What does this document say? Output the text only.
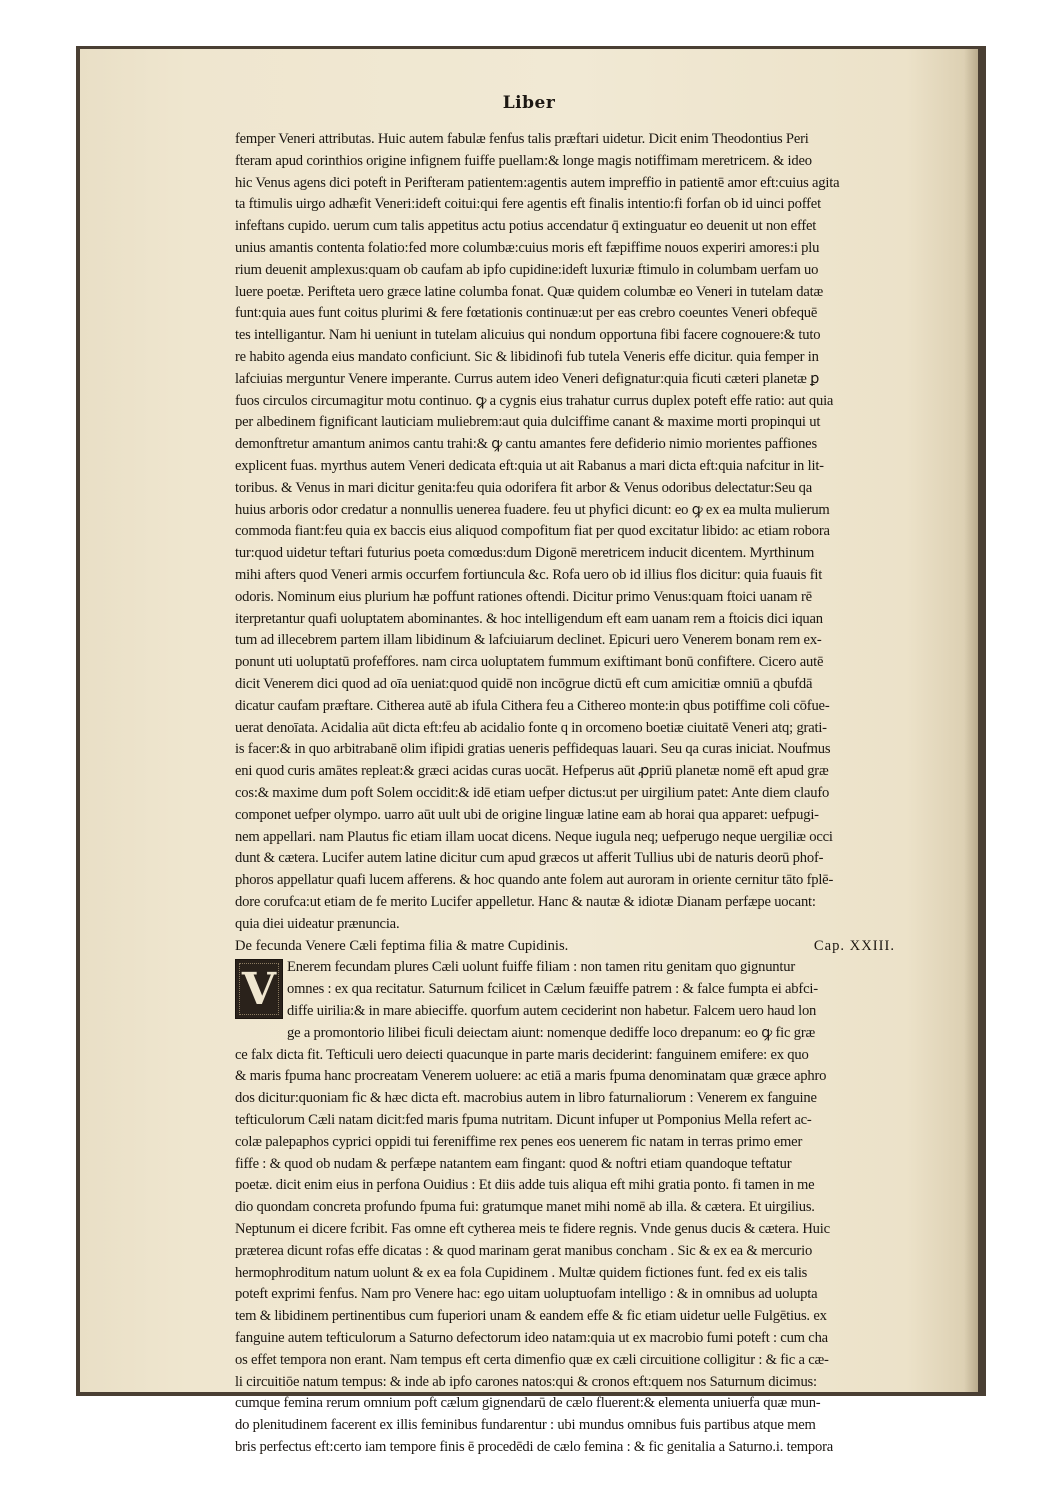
Liber
femper Veneri attributas. Huic autem fabulæ fenfus talis præftari uidetur. Dicit enim Theodontius Peri
fteram apud corinthios origine infignem fuiffe puellam:& longe magis notiffimam meretricem. & ideo
hic Venus agens dici poteft in Perifteram patientem:agentis autem impreffio in patientē amor eft:cuius agita
ta ftimulis uirgo adhæfit Veneri:ideft coitui:qui fere agentis eft finalis intentio:fi forfan ob id uinci poffet
infeftans cupido. uerum cum talis appetitus actu potius accendatur q̄ extinguatur eo deuenit ut non effet
unius amantis contenta folatio:fed more columbæ:cuius moris eft fæpiffime nouos experiri amores:i plu
rium deuenit amplexus:quam ob caufam ab ipfo cupidine:ideft luxuriæ ftimulo in columbam uerfam uo
luere poetæ. Perifteta uero græce latine columba fonat. Quæ quidem columbæ eo Veneri in tutelam datæ
funt:quia aues funt coitus plurimi & fere fœtationis continuæ:ut per eas crebro coeuntes Veneri obfequē
tes intelligantur. Nam hi ueniunt in tutelam alicuius qui nondum opportuna fibi facere cognouere:& tuto
re habito agenda eius mandato conficiunt. Sic & libidinofi fub tutela Veneris effe dicitur. quia femper in
lafciuias merguntur Venere imperante. Currus autem ideo Veneri defignatur:quia ficuti cæteri planetæ ꝑ
fuos circulos circumagitur motu continuo. ꝙ a cygnis eius trahatur currus duplex poteft effe ratio: aut quia
per albedinem fignificant lauticiam muliebrem:aut quia dulciffime canant & maxime morti propinqui ut
demonftretur amantum animos cantu trahi:& ꝙ cantu amantes fere defiderio nimio morientes paffiones
explicent fuas. myrthus autem Veneri dedicata eft:quia ut ait Rabanus a mari dicta eft:quia nafcitur in lit-
toribus. & Venus in mari dicitur genita:feu quia odorifera fit arbor & Venus odoribus delectatur:Seu qa
huius arboris odor credatur a nonnullis uenerea fuadere. feu ut phyfici dicunt: eo ꝙ ex ea multa mulierum
commoda fiant:feu quia ex baccis eius aliquod compofitum fiat per quod excitatur libido: ac etiam robora
tur:quod uidetur teftari futurius poeta comœdus:dum Digonē meretricem inducit dicentem. Myrthinum
mihi afters quod Veneri armis occurfem fortiuncula &c. Rofa uero ob id illius flos dicitur: quia fuauis fit
odoris. Nominum eius plurium hæ poffunt rationes oftendi. Dicitur primo Venus:quam ftoici uanam rē
iterpretantur quafi uoluptatem abominantes. & hoc intelligendum eft eam uanam rem a ftoicis dici iquan
tum ad illecebrem partem illam libidinum & lafciuiarum declinet. Epicuri uero Venerem bonam rem ex-
ponunt uti uoluptatū profeffores. nam circa uoluptatem fummum exiftimant bonū confiftere. Cicero autē
dicit Venerem dici quod ad oīa ueniat:quod quidē non incōgrue dictū eft cum amicitiæ omniū a qbufdā
dicatur caufam præftare. Citherea autē ab ifula Cithera feu a Cithereo monte:in qbus potiffime coli cōfue-
uerat denoīata. Acidalia aūt dicta eft:feu ab acidalio fonte q in orcomeno boetiæ ciuitatē Veneri atq; grati-
is facer:& in quo arbitrabanē olim ifipidi gratias ueneris peffidequas lauari. Seu qa curas iniciat. Noufmus
eni quod curis amātes repleat:& græci acidas curas uocāt. Hefperus aūt ꝓpriū planetæ nomē eft apud græ
cos:& maxime dum poft Solem occidit:& idē etiam uefper dictus:ut per uirgilium patet: Ante diem claufo
componet uefper olympo. uarro aūt uult ubi de origine linguæ latine eam ab horai qua apparet: uefpugi-
nem appellari. nam Plautus fic etiam illam uocat dicens. Neque iugula neq; uefperugo neque uergiliæ occi
dunt & cætera. Lucifer autem latine dicitur cum apud græcos ut afferit Tullius ubi de naturis deorū phof-
phoros appellatur quafi lucem afferens. & hoc quando ante folem aut auroram in oriente cernitur tāto fplē-
dore corufca:ut etiam de fe merito Lucifer appelletur. Hanc & nautæ & idiotæ Dianam perfæpe uocant:
quia diei uideatur prænuncia.
De fecunda Venere Cæli feptima filia & matre Cupidinis.	Cap. XXIII.
V Enerem fecundam plures Cæli uolunt fuiffe filiam : non tamen ritu genitam quo gignuntur
omnes : ex qua recitatur. Saturnum fcilicet in Cælum fæuiffe patrem : & falce fumpta ei abfci-
diffe uirilia:& in mare abieciffe. quorfum autem ceciderint non habetur. Falcem uero haud lon
ge a promontorio lilibei ficuli deiectam aiunt: nomenque dediffe loco drepanum: eo ꝙ fic græ
ce falx dicta fit. Tefticuli uero deiecti quacunque in parte maris deciderint: fanguinem emifere: ex quo
& maris fpuma hanc procreatam Venerem uoluere: ac etiā a maris fpuma denominatam quæ græce aphro
dos dicitur:quoniam fic & hæc dicta eft. macrobius autem in libro faturnaliorum : Venerem ex fanguine
tefticulorum Cæli natam dicit:fed maris fpuma nutritam. Dicunt infuper ut Pomponius Mella refert ac-
colæ palepaphos cyprici oppidi tui fereniffime rex penes eos uenerem fic natam in terras primo emer
fiffe : & quod ob nudam & perfæpe natantem eam fingant: quod & noftri etiam quandoque teftatur
poetæ. dicit enim eius in perfona Ouidius : Et diis adde tuis aliqua eft mihi gratia ponto. fi tamen in me
dio quondam concreta profundo fpuma fui: gratumque manet mihi nomē ab illa. & cætera. Et uirgilius.
Neptunum ei dicere fcribit. Fas omne eft cytherea meis te fidere regnis. Vnde genus ducis & cætera. Huic
præterea dicunt rofas effe dicatas : & quod marinam gerat manibus concham . Sic & ex ea & mercurio
hermophroditum natum uolunt & ex ea fola Cupidinem . Multæ quidem fictiones funt. fed ex eis talis
poteft exprimi fenfus. Nam pro Venere hac: ego uitam uoluptuofam intelligo : & in omnibus ad uolupta
tem & libidinem pertinentibus cum fuperiori unam & eandem effe & fic etiam uidetur uelle Fulgētius. ex
fanguine autem tefticulorum a Saturno defectorum ideo natam:quia ut ex macrobio fumi poteft : cum cha
os effet tempora non erant. Nam tempus eft certa dimenfio quæ ex cæli circuitione colligitur : & fic a cæ-
li circuitiōe natum tempus: & inde ab ipfo carones natos:qui & cronos eft:quem nos Saturnum dicimus:
cumque femina rerum omnium poft cælum gignendarū de cælo fluerent:& elementa uniuerfa quæ mun-
do plenitudinem facerent ex illis feminibus fundarentur : ubi mundus omnibus fuis partibus atque mem
bris perfectus eft:certo iam tempore finis ē procedēdi de cælo femina : & fic genitalia a Saturno.i. tempora
